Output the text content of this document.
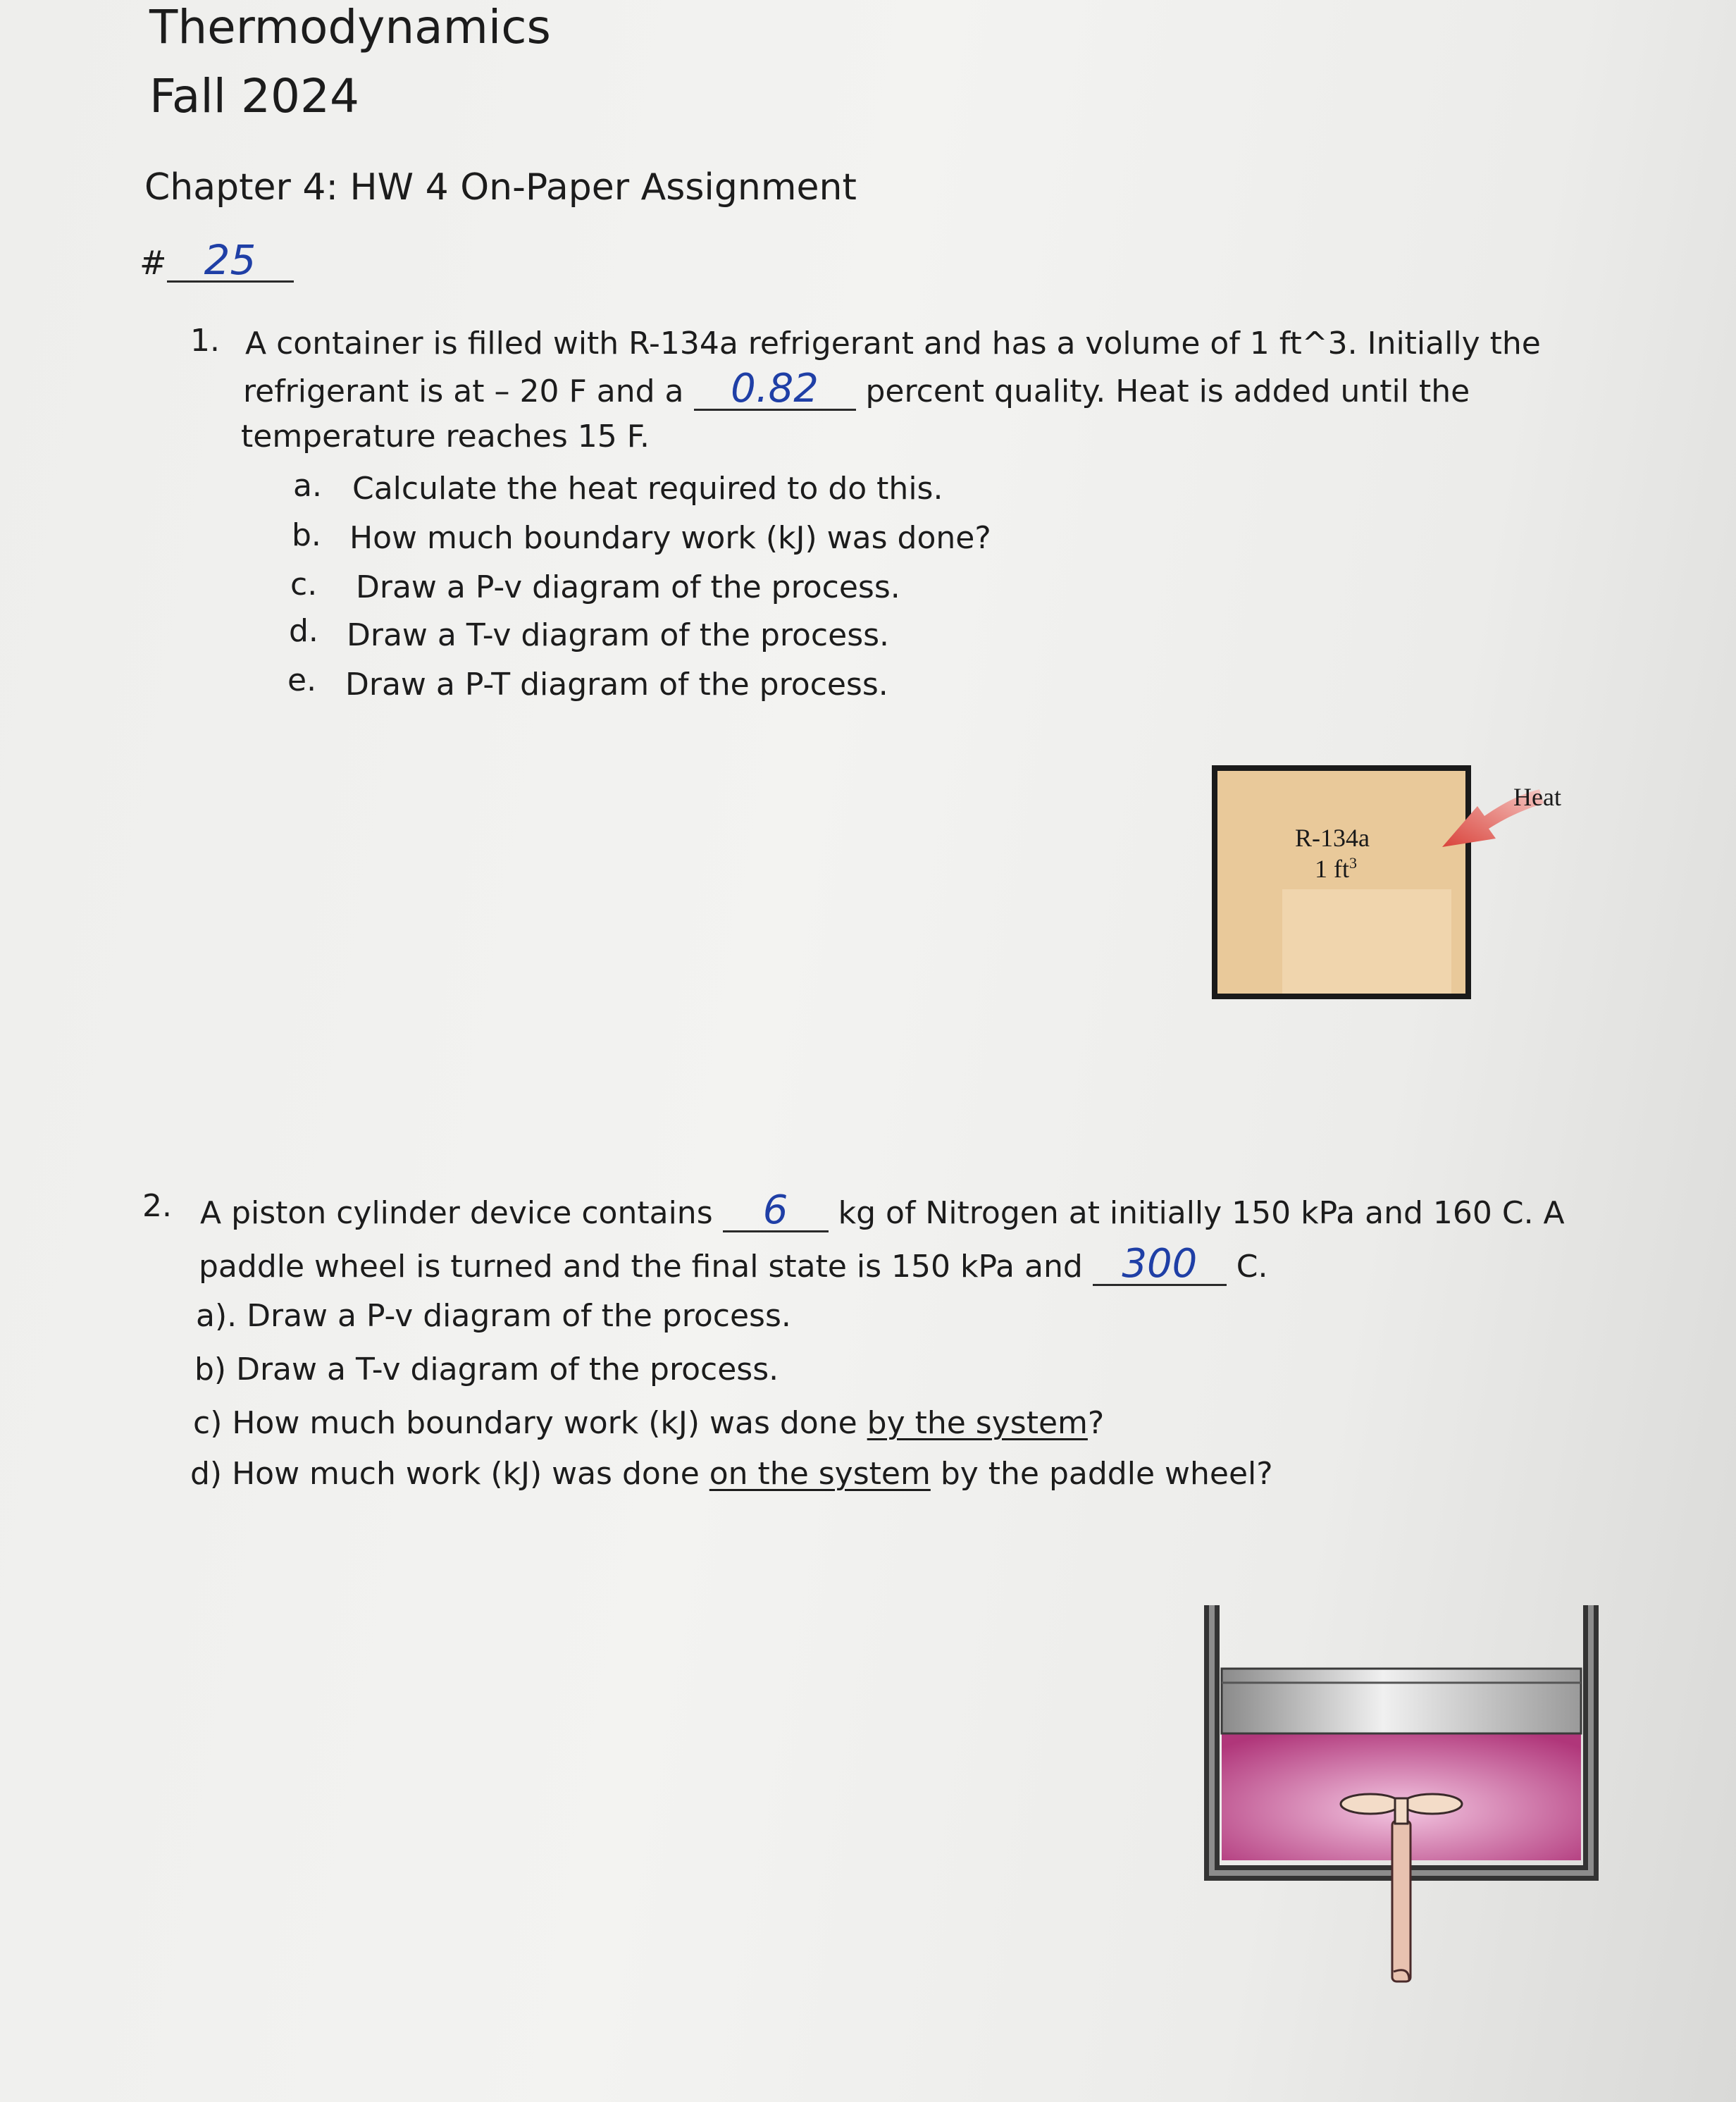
Thermodynamics
Fall 2024
Chapter 4: HW 4 On-Paper Assignment
# 25
1. A container is filled with R-134a refrigerant and has a volume of 1 ft^3. Initially the
refrigerant is at – 20 F and a 0.82 percent quality. Heat is added until the
temperature reaches 15 F.
a. Calculate the heat required to do this.
b. How much boundary work (kJ) was done?
c. Draw a P-v diagram of the process.
d. Draw a T-v diagram of the process.
e. Draw a P-T diagram of the process.
R-134a
1 $ft^3$
Heat
2. A piston cylinder device contains 6 kg of Nitrogen at initially 150 kPa and 160 C. A
paddle wheel is turned and the final state is 150 kPa and 300 C.
a). Draw a P-v diagram of the process.
b) Draw a T-v diagram of the process.
c) How much boundary work (kJ) was done by the system?
d) How much work (kJ) was done on the system by the paddle wheel?
